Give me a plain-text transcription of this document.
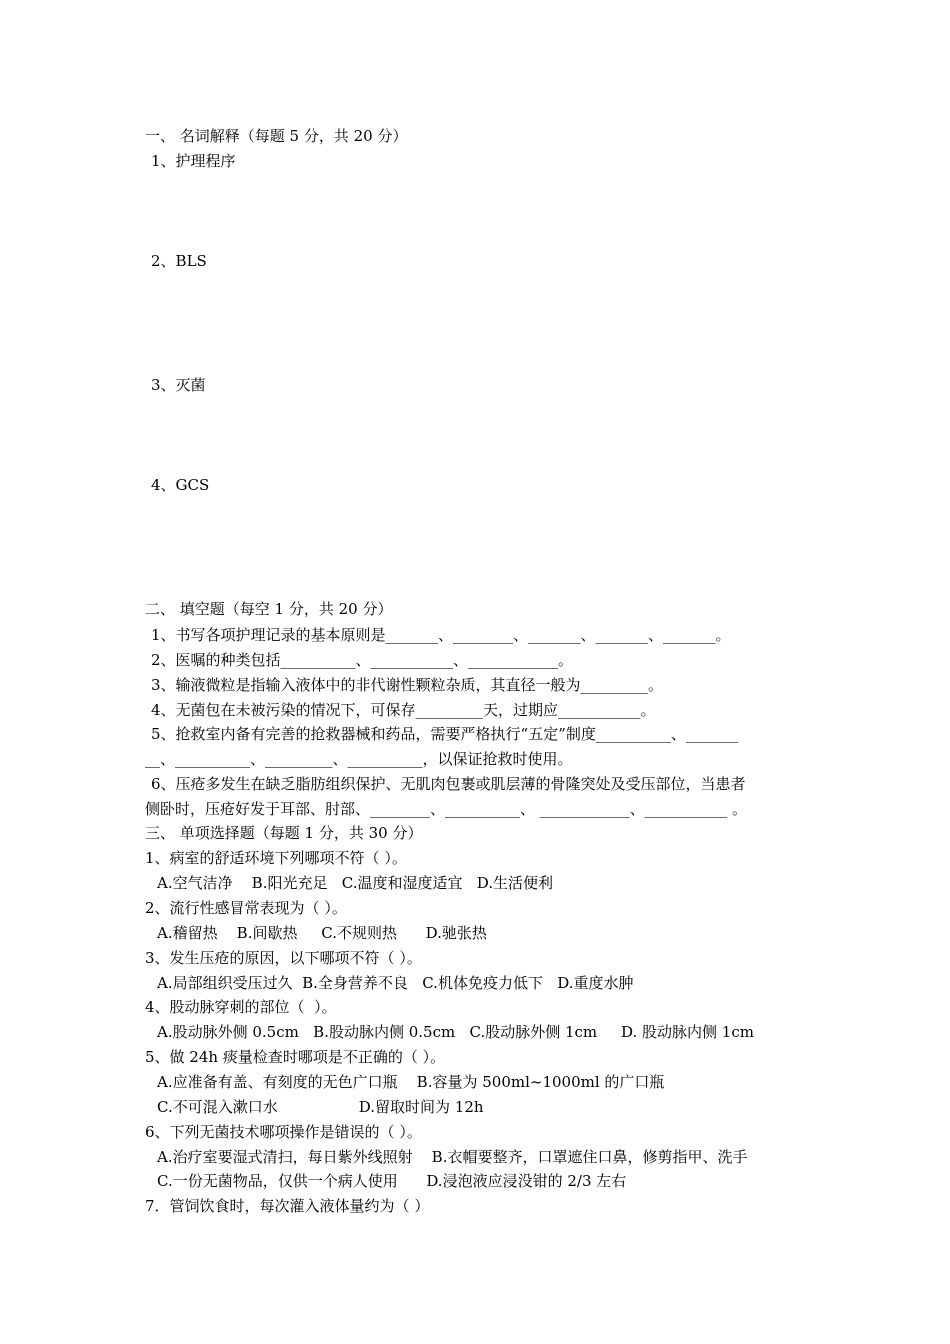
一、 名词解释（每题 5 分，共 20 分）
1、护理程序
2、BLS
3、灭菌
4、GCS
二、 填空题（每空 1 分，共 20 分）
1、书写各项护理记录的基本原则是_______、________、_______、_______、_______。
2、医嘱的种类包括__________、___________、____________。
3、输液微粒是指输入液体中的非代谢性颗粒杂质，其直径一般为_________。
4、无菌包在未被污染的情况下，可保存_________天，过期应___________。
5、抢救室内备有完善的抢救器械和药品，需要严格执行“五定”制度__________、_______
__、__________、_________、__________，以保证抢救时使用。
6、压疮多发生在缺乏脂肪组织保护、无肌肉包裹或肌层薄的骨隆突处及受压部位，当患者
侧卧时，压疮好发于耳部、肘部、________、__________、 ____________、___________ 。
三、 单项选择题（每题 1 分，共 30 分）
1、病室的舒适环境下列哪项不符（ ）。
A.空气洁净    B.阳光充足   C.温度和湿度适宜   D.生活便利
2、流行性感冒常表现为（ ）。
A.稽留热    B.间歇热     C.不规则热      D.驰张热
3、发生压疮的原因，以下哪项不符（ ）。
A.局部组织受压过久  B.全身营养不良   C.机体免疫力低下   D.重度水肿
4、股动脉穿刺的部位（  ）。
A.股动脉外侧 0.5cm   B.股动脉内侧 0.5cm   C.股动脉外侧 1cm     D. 股动脉内侧 1cm
5、做 24h 痰量检查时哪项是不正确的（ ）。
A.应准备有盖、有刻度的无色广口瓶    B.容量为 500ml~1000ml 的广口瓶
C.不可混入漱口水                 D.留取时间为 12h
6、下列无菌技术哪项操作是错误的（ ）。
A.治疗室要湿式清扫，每日紫外线照射    B.衣帽要整齐，口罩遮住口鼻，修剪指甲、洗手
C.一份无菌物品，仅供一个病人使用      D.浸泡液应浸没钳的 2/3 左右
7．管饲饮食时，每次灌入液体量约为（ ）
